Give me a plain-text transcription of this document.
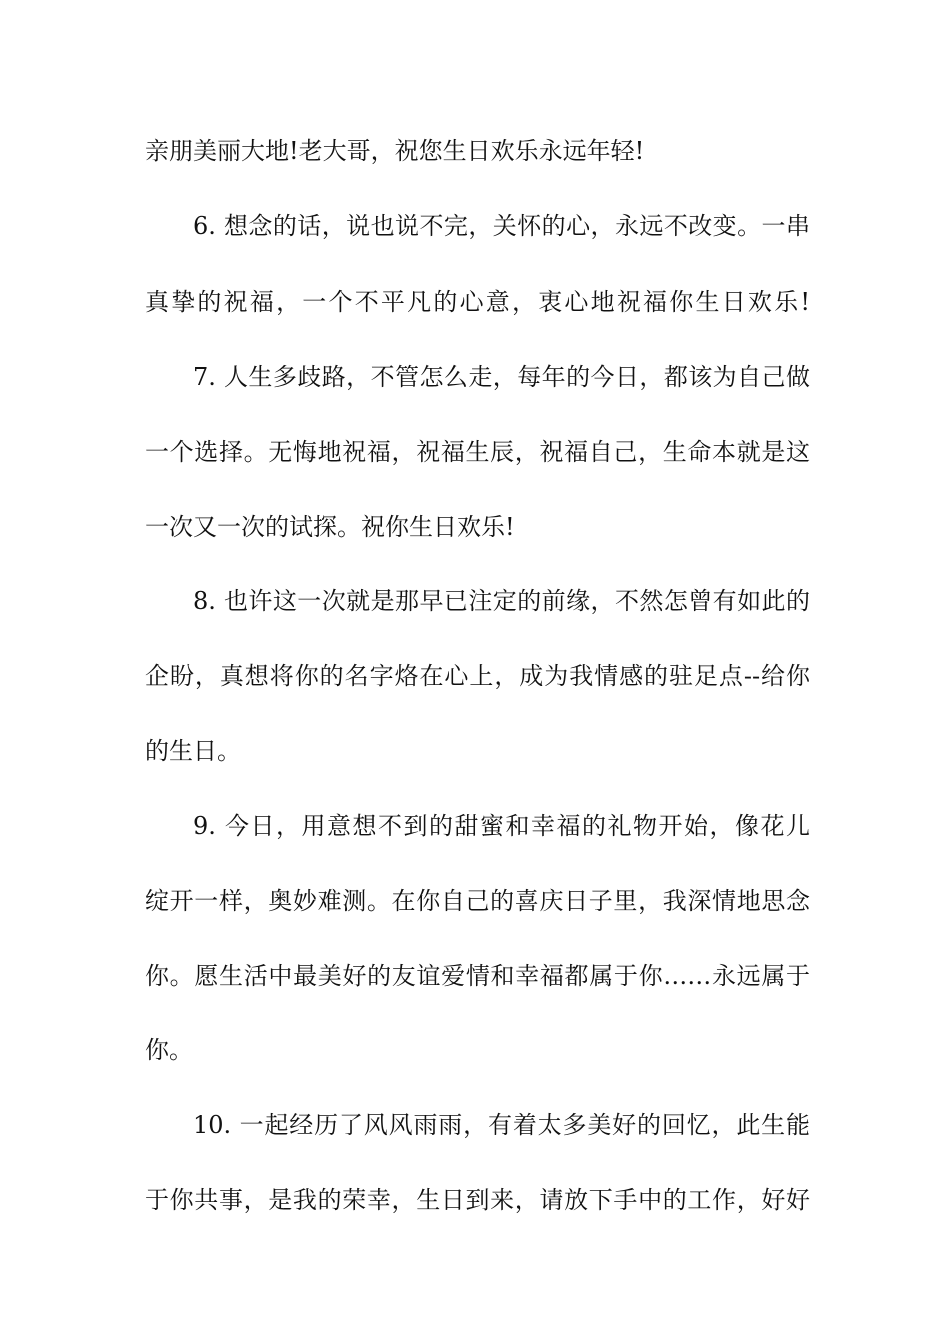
亲朋美丽大地!老大哥，祝您生日欢乐永远年轻!
6. 想念的话，说也说不完，关怀的心，永远不改变。一串
真挚的祝福，一个不平凡的心意，衷心地祝福你生日欢乐!
7. 人生多歧路，不管怎么走，每年的今日，都该为自己做
一个选择。无悔地祝福，祝福生辰，祝福自己，生命本就是这
一次又一次的试探。祝你生日欢乐!
8. 也许这一次就是那早已注定的前缘，不然怎曾有如此的
企盼，真想将你的名字烙在心上，成为我情感的驻足点--给你
的生日。
9. 今日，用意想不到的甜蜜和幸福的礼物开始，像花儿
绽开一样，奥妙难测。在你自己的喜庆日子里，我深情地思念
你。愿生活中最美好的友谊爱情和幸福都属于你……永远属于
你。
10. 一起经历了风风雨雨，有着太多美好的回忆，此生能
于你共事，是我的荣幸，生日到来，请放下手中的工作，好好
